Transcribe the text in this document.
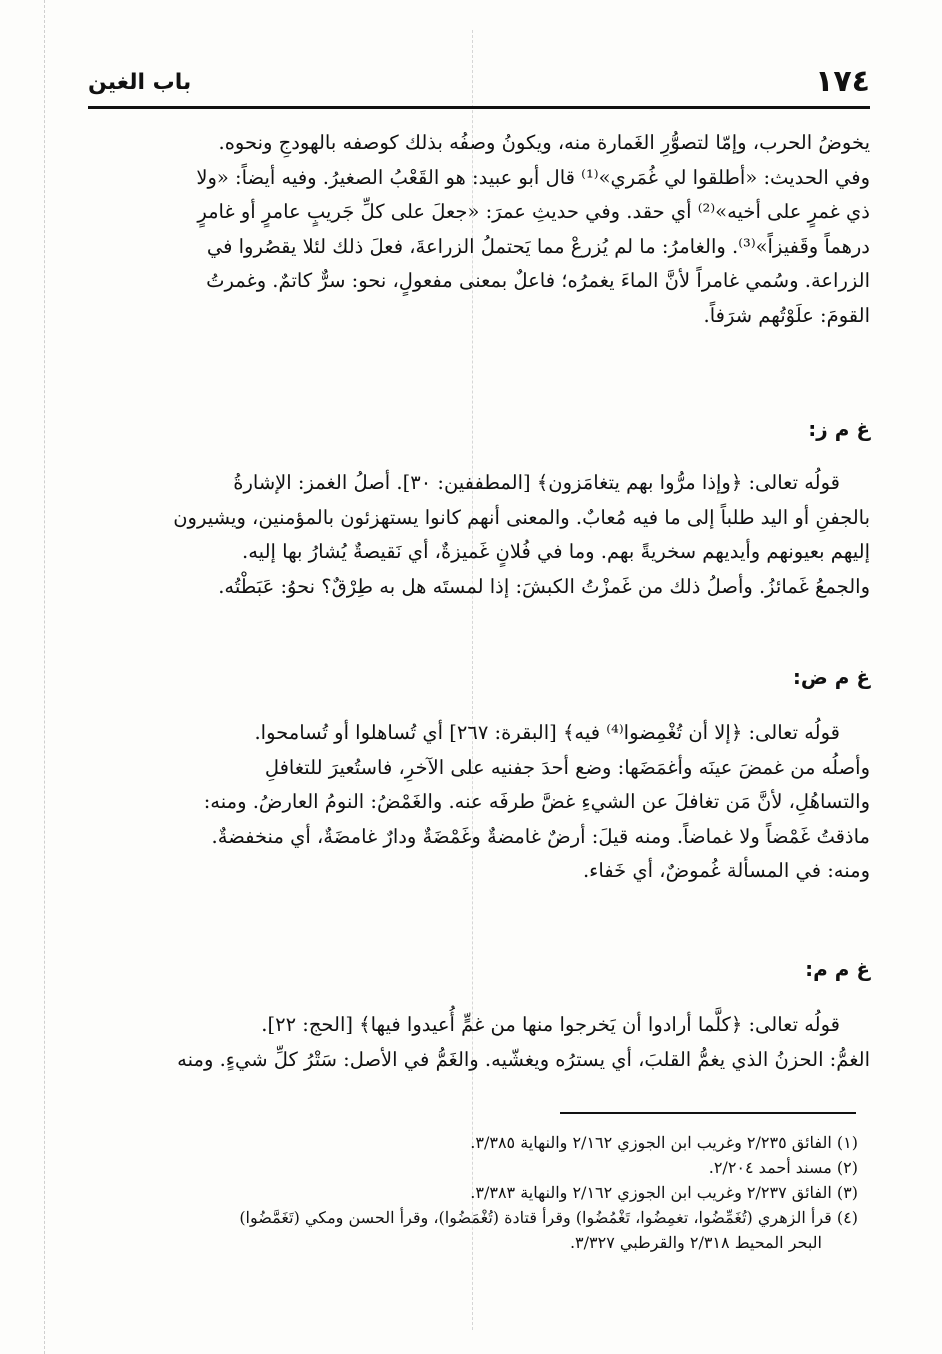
١٧٤
باب الغين

يخوضُ الحرب، وإمّا لتصوُّرِ الغَمارة منه، ويكونُ وصفُه بذلك كوصفه بالهودجِ ونحوه.

وفي الحديث: «أطلقوا لي غُمَري»⁽¹⁾ قال أبو عبيد: هو القَعْبُ الصغيرُ. وفيه أيضاً: «ولا

ذي غمرٍ على أخيه»⁽²⁾ أي حقد. وفي حديثِ عمرَ: «جعلَ على كلِّ جَريبٍ عامرٍ أو غامرٍ

درهماً وقَفيزاً»⁽³⁾. والغامرُ: ما لم يُزرعْ مما يَحتملُ الزراعةَ، فعلَ ذلك لئلا يقصُروا في

الزراعة. وسُمي غامراً لأنَّ الماءَ يغمرُه؛ فاعلٌ بمعنى مفعولٍ، نحو: سرٌّ كاتمٌ. وغمرتُ

القومَ: علَوْتُهم شرَفاً.

غ م ز:

قولُه تعالى: ﴿وإذا مرُّوا بهم يتغامَزون﴾ [المطففين: ٣٠]. أصلُ الغمز: الإشارةُ

بالجفنِ أو اليد طلباً إلى ما فيه مُعابٌ. والمعنى أنهم كانوا يستهزئون بالمؤمنين، ويشيرون

إليهم بعيونهم وأيديهم سخريةً بهم. وما في فُلانٍ غَميزةٌ، أي نَقيصةٌ يُشارُ بها إليه.

والجمعُ غَمائزُ. وأصلُ ذلك من غَمزْتُ الكبشَ: إذا لمستَه هل به طِرْقٌ؟ نحوُ: عَبَطْتُه.

غ م ض:

قولُه تعالى: ﴿إلا أن تُغْمِضوا⁽⁴⁾ فيه﴾ [البقرة: ٢٦٧] أي تُساهلوا أو تُسامحوا.

وأصلُه من غمضَ عينَه وأغمَضَها: وضع أحدَ جفنيه على الآخرِ، فاستُعيرَ للتغافلِ

والتساهُلِ، لأنَّ مَن تغافلَ عن الشيءِ غضَّ طرفَه عنه. والغَمْضُ: النومُ العارضُ. ومنه:

ماذقتُ غَمْضاً ولا غماضاً. ومنه قيلَ: أرضٌ غامضةٌ وغَمْضَةٌ ودارٌ غامضَةٌ، أي منخفضةٌ.

ومنه: في المسألة غُموضٌ، أي خَفاء.

غ م م:

قولُه تعالى: ﴿كلَّما أرادوا أن يَخرجوا منها من غمٍّ أُعيدوا فيها﴾ [الحج: ٢٢].

الغمُّ: الحزنُ الذي يغمُّ القلبَ، أي يسترُه ويغشّيه. والغَمُّ في الأصل: سَتْرُ كلِّ شيءٍ. ومنه

(١) الفائق ٢/٢٣٥ وغريب ابن الجوزي ٢/١٦٢ والنهاية ٣/٣٨٥.

(٢) مسند أحمد ٢/٢٠٤.

(٣) الفائق ٢/٢٣٧ وغريب ابن الجوزي ٢/١٦٢ والنهاية ٣/٣٨٣.

(٤) قرأ الزهري (تُغَمِّضُوا، تغمِضُوا، تَغْمُضُوا) وقرأ قتادة (تُغْمَضُوا)، وقرأ الحسن ومكي (تَغَمَّضُوا)

البحر المحيط ٢/٣١٨ والقرطبي ٣/٣٢٧.
